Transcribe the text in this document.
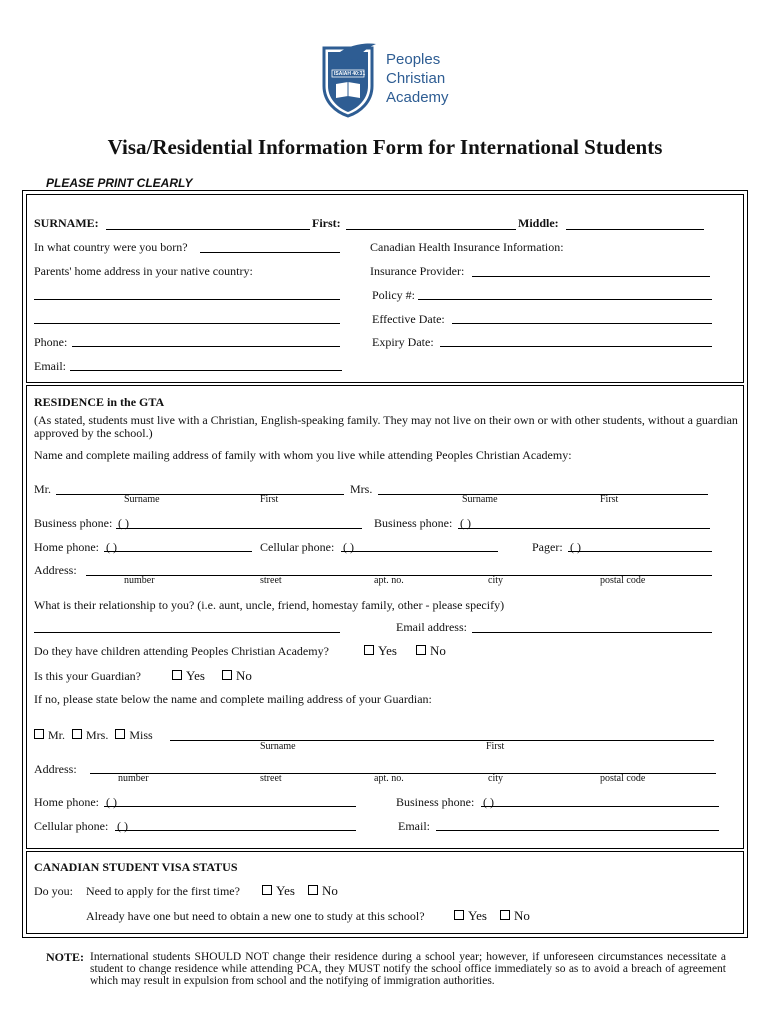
ISAIAH 40:31
Peoples
Christian
Academy
Visa/Residential Information Form for International Students
PLEASE PRINT CLEARLY
SURNAME:	First:	Middle:
In what country were you born?	Canadian Health Insurance Information:
Parents' home address in your native country:	Insurance Provider:
Policy #:
Effective Date:
Phone:	Expiry Date:
Email:
RESIDENCE in the GTA
(As stated, students must live with a Christian, English-speaking family. They may not live on their own or with other students, without a guardian approved by the school.)
Name and complete mailing address of family with whom you live while attending Peoples Christian Academy:
Mr.
Surname	First
Mrs.
Surname	First
Business phone: ( )	Business phone: ( )
Home phone: ( )	Cellular phone: ( )	Pager: ( )
Address:
number	street	apt. no.	city	postal code
What is their relationship to you? (i.e. aunt, uncle, friend, homestay family, other - please specify)
Email address:
Do they have children attending Peoples Christian Academy?	Yes	No
Is this your Guardian?	Yes	No
If no, please state below the name and complete mailing address of your Guardian:
Mr. Mrs. Miss
Surname	First
Address:
number	street	apt. no.	city	postal code
Home phone: ( )	Business phone: ( )
Cellular phone: ( )	Email:
CANADIAN STUDENT VISA STATUS
Do you: Need to apply for the first time?	Yes	No
Already have one but need to obtain a new one to study at this school?	Yes	No
NOTE: International students SHOULD NOT change their residence during a school year; however, if unforeseen circumstances necessitate a student to change residence while attending PCA, they MUST notify the school office immediately so as to avoid a breach of agreement which may result in expulsion from school and the notifying of immigration authorities.
